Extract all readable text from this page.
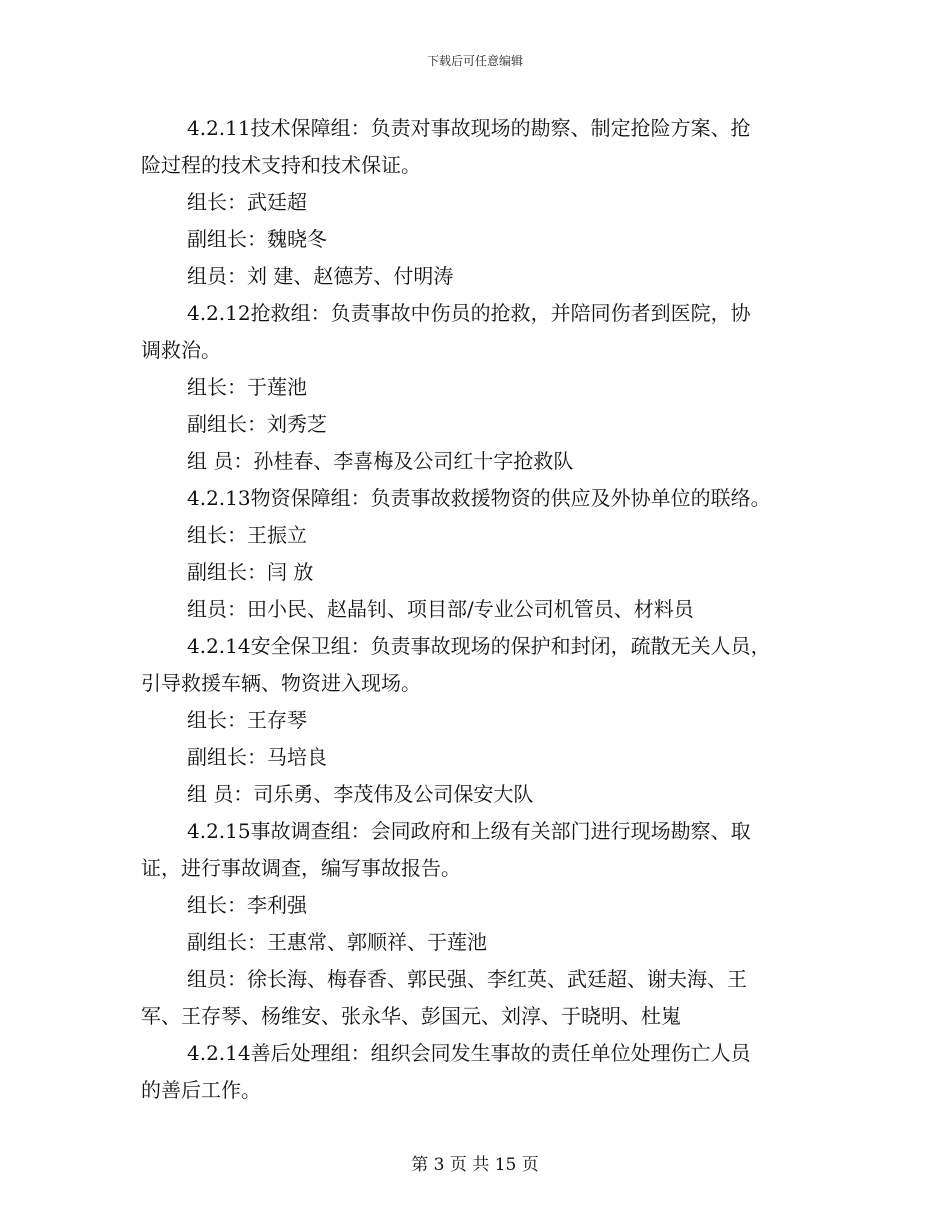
下载后可任意编辑

4.2.11技术保障组：负责对事故现场的勘察、制定抢险方案、抢

险过程的技术支持和技术保证。

组长：武廷超

副组长：魏晓冬

组员：刘 建、赵德芳、付明涛

4.2.12抢救组：负责事故中伤员的抢救，并陪同伤者到医院，协

调救治。

组长：于莲池

副组长：刘秀芝

组 员：孙桂春、李喜梅及公司红十字抢救队

4.2.13物资保障组：负责事故救援物资的供应及外协单位的联络。

组长：王振立

副组长：闫 放

组员：田小民、赵晶钊、项目部/专业公司机管员、材料员

4.2.14安全保卫组：负责事故现场的保护和封闭，疏散无关人员，

引导救援车辆、物资进入现场。

组长：王存琴

副组长：马培良

组 员：司乐勇、李茂伟及公司保安大队

4.2.15事故调查组：会同政府和上级有关部门进行现场勘察、取

证，进行事故调查，编写事故报告。

组长：李利强

副组长：王惠常、郭顺祥、于莲池

组员：徐长海、梅春香、郭民强、李红英、武廷超、谢夫海、王

军、王存琴、杨维安、张永华、彭国元、刘淳、于晓明、杜嵬

4.2.14善后处理组：组织会同发生事故的责任单位处理伤亡人员

的善后工作。

第 3 页 共 15 页
